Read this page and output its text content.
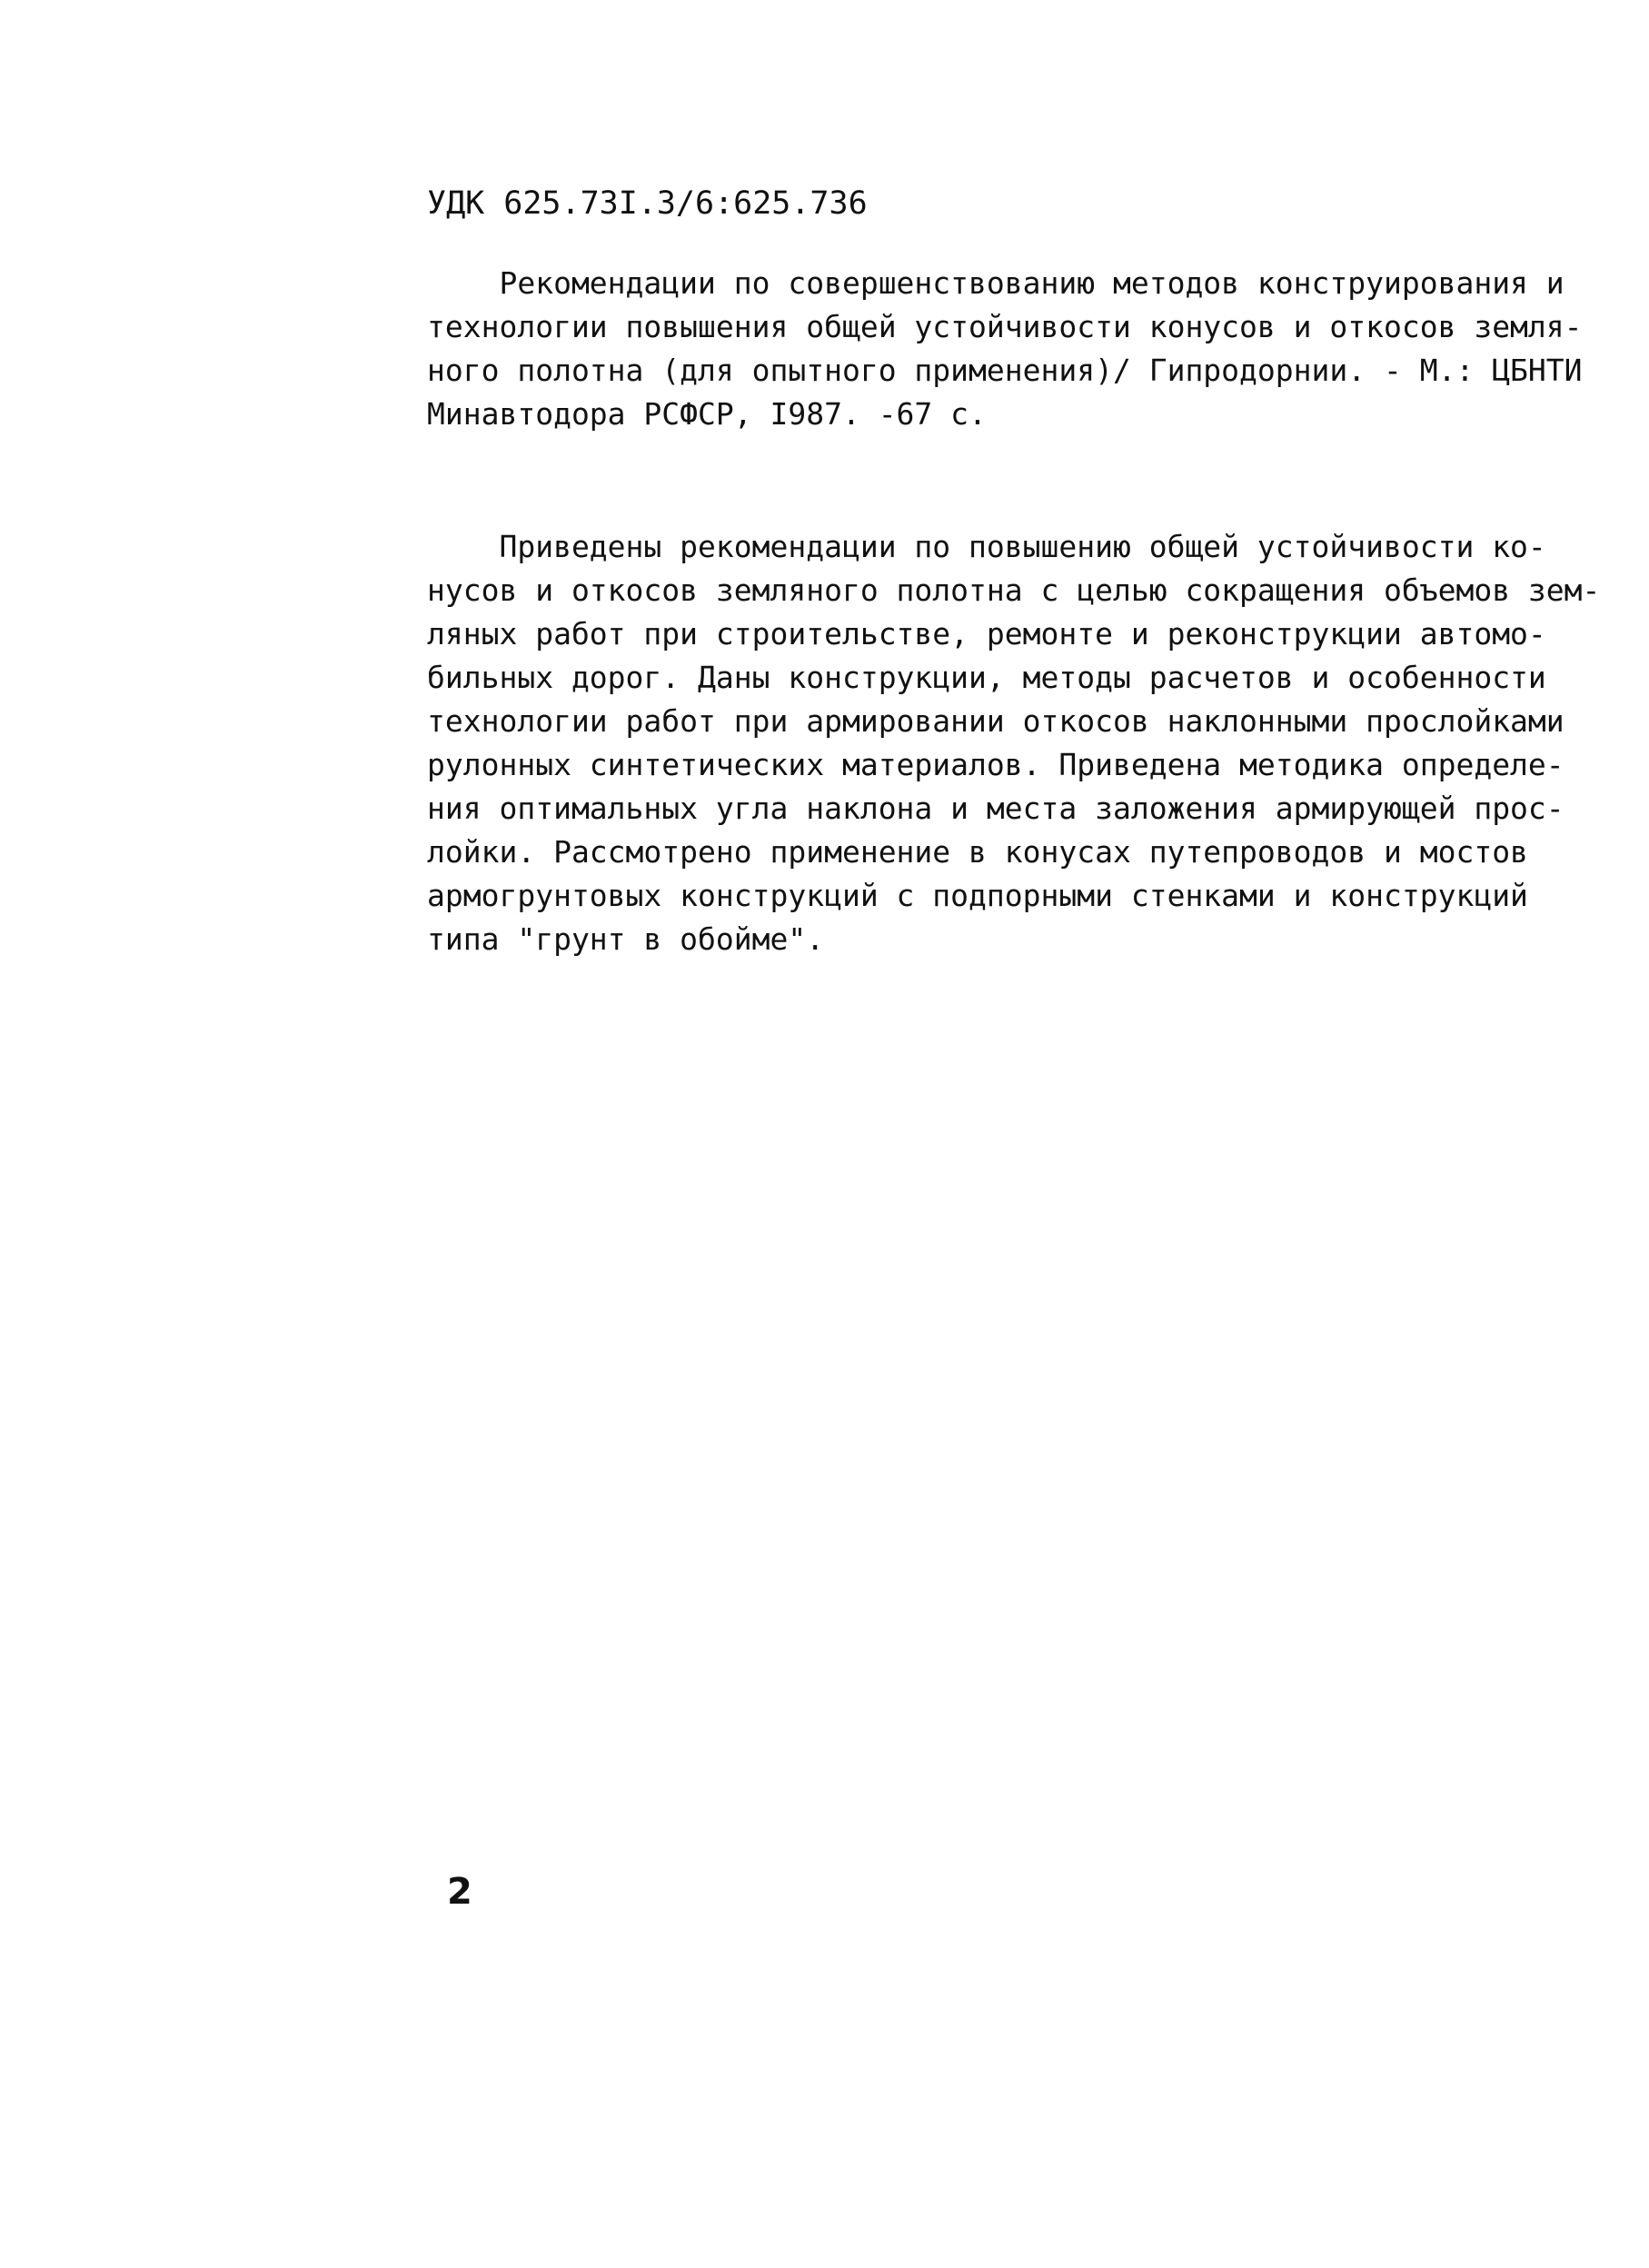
УДК 625.73I.3/6:625.736
Рекомендации по совершенствованию методов конструирования и
технологии повышения общей устойчивости конусов и откосов земля-
ного полотна (для опытного применения)/ Гипродорнии. - М.: ЦБНТИ
Минавтодора РСФСР, I987. -67 с.
Приведены рекомендации по повышению общей устойчивости ко-
нусов и откосов земляного полотна с целью сокращения объемов зем-
ляных работ при строительстве, ремонте и реконструкции автомо-
бильных дорог. Даны конструкции, методы расчетов и особенности
технологии работ при армировании откосов наклонными прослойками
рулонных синтетических материалов. Приведена методика определе-
ния оптимальных угла наклона и места заложения армирующей прос-
лойки. Рассмотрено применение в конусах путепроводов и мостов
армогрунтовых конструкций с подпорными стенками и конструкций
типа "грунт в обойме".
2
